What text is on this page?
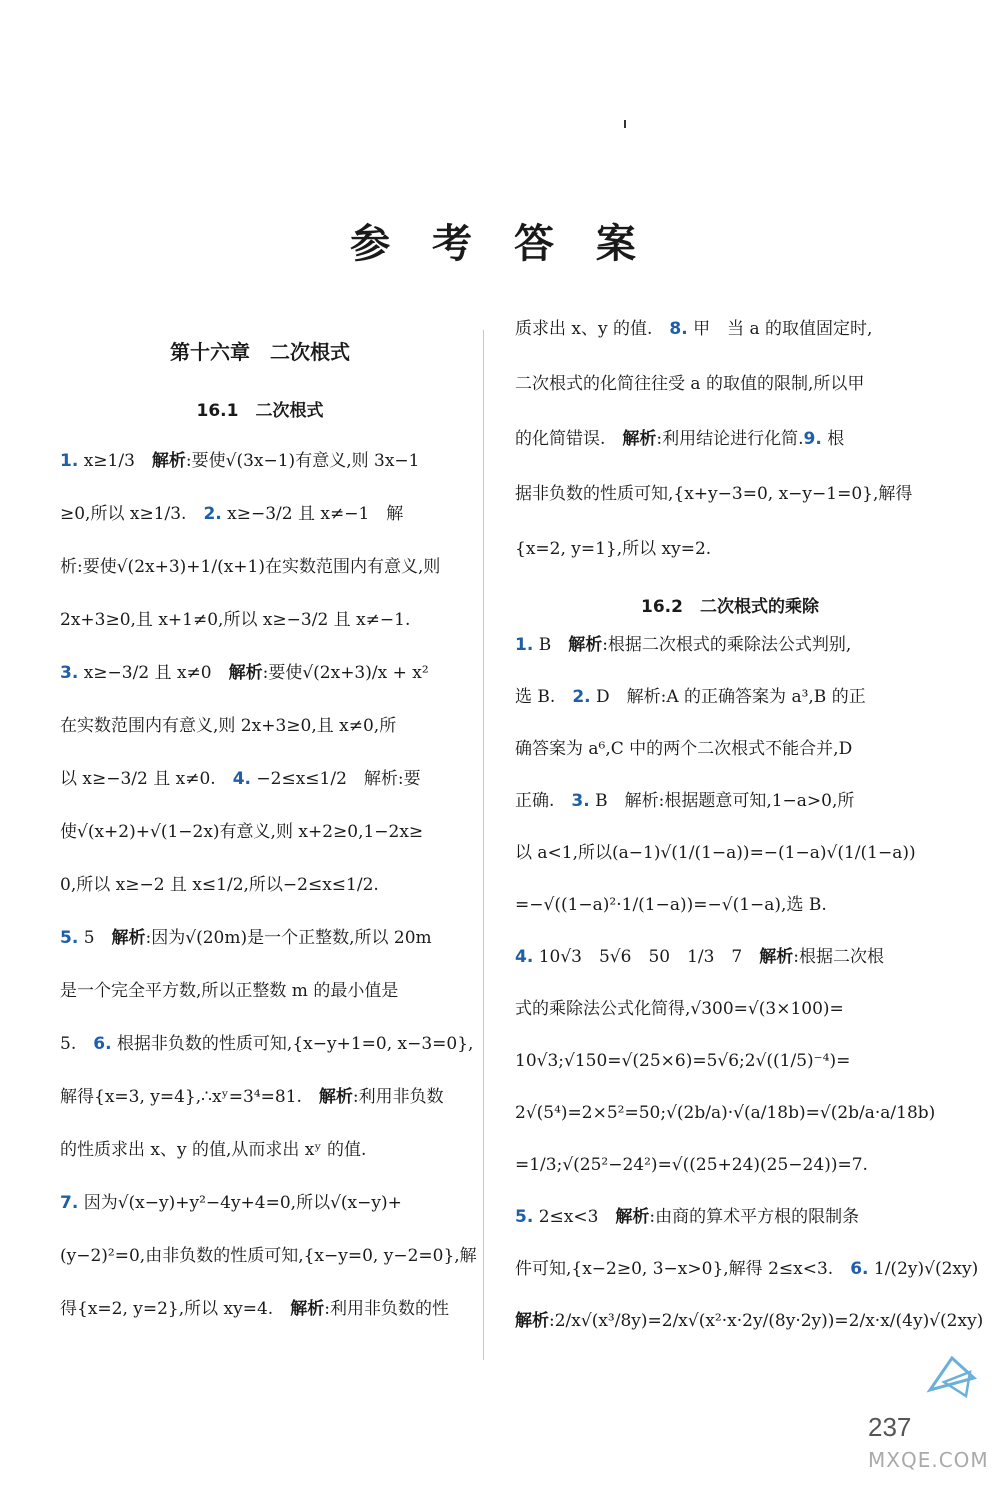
参 考 答 案
第十六章　二次根式
16.1　二次根式
1. x≥1/3　解析:要使√(3x−1)有意义,则 3x−1
≥0,所以 x≥1/3.　2. x≥−3/2 且 x≠−1　解
析:要使√(2x+3)+1/(x+1)在实数范围内有意义,则
2x+3≥0,且 x+1≠0,所以 x≥−3/2 且 x≠−1.
3. x≥−3/2 且 x≠0　解析:要使√(2x+3)/x + x²
在实数范围内有意义,则 2x+3≥0,且 x≠0,所
以 x≥−3/2 且 x≠0.　4. −2≤x≤1/2　解析:要
使√(x+2)+√(1−2x)有意义,则 x+2≥0,1−2x≥
0,所以 x≥−2 且 x≤1/2,所以−2≤x≤1/2.
5. 5　解析:因为√(20m)是一个正整数,所以 20m
是一个完全平方数,所以正整数 m 的最小值是
5.　6. 根据非负数的性质可知,{x−y+1=0, x−3=0},
解得{x=3, y=4},∴xʸ=3⁴=81.　解析:利用非负数
的性质求出 x、y 的值,从而求出 xʸ 的值.
7. 因为√(x−y)+y²−4y+4=0,所以√(x−y)+
(y−2)²=0,由非负数的性质可知,{x−y=0, y−2=0},解
得{x=2, y=2},所以 xy=4.　解析:利用非负数的性
质求出 x、y 的值.　8. 甲　当 a 的取值固定时,
二次根式的化简往往受 a 的取值的限制,所以甲
的化简错误.　解析:利用结论进行化简.9. 根
据非负数的性质可知,{x+y−3=0, x−y−1=0},解得
{x=2, y=1},所以 xy=2.
16.2　二次根式的乘除
1. B　解析:根据二次根式的乘除法公式判别,
选 B.　2. D　解析:A 的正确答案为 a³,B 的正
确答案为 a⁶,C 中的两个二次根式不能合并,D
正确.　3. B　解析:根据题意可知,1−a>0,所
以 a<1,所以(a−1)√(1/(1−a))=−(1−a)√(1/(1−a))
=−√((1−a)²·1/(1−a))=−√(1−a),选 B.
4. 10√3　5√6　50　1/3　7　解析:根据二次根
式的乘除法公式化简得,√300=√(3×100)=
10√3;√150=√(25×6)=5√6;2√((1/5)⁻⁴)=
2√(5⁴)=2×5²=50;√(2b/a)·√(a/18b)=√(2b/a·a/18b)
=1/3;√(25²−24²)=√((25+24)(25−24))=7.
5. 2≤x<3　解析:由商的算术平方根的限制条
件可知,{x−2≥0, 3−x>0},解得 2≤x<3.　6. 1/(2y)√(2xy)
解析:2/x√(x³/8y)=2/x√(x²·x·2y/(8y·2y))=2/x·x/(4y)√(2xy)
237
MXQE.COM
